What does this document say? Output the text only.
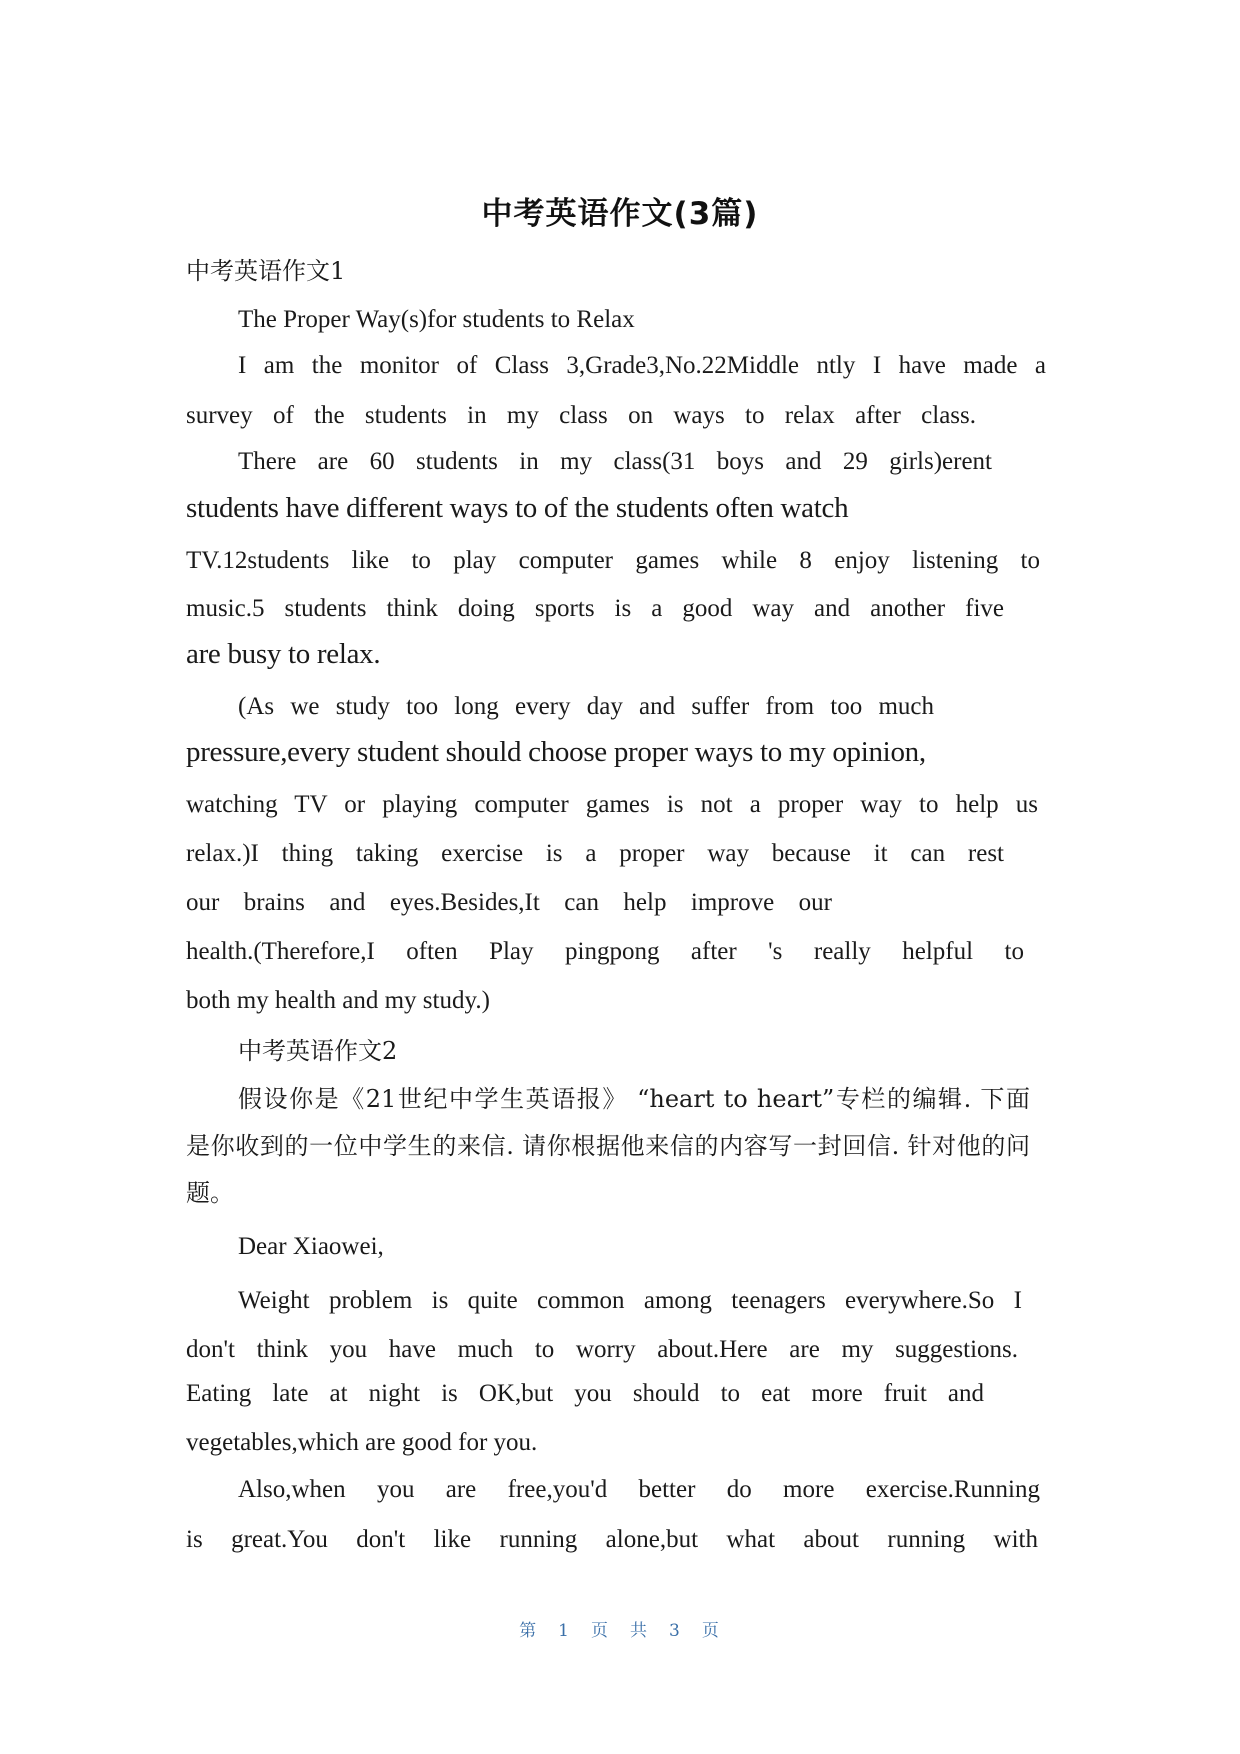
中考英语作文(3篇)
中考英语作文1
The Proper Way(s)for students to Relax
I am the monitor of Class 3,Grade3,No.22Middle ntly I have made a
survey of the students in my class on ways to relax after class.
There are 60 students in my class(31 boys and 29 girls)erent
students have different ways to of the students often watch
TV.12students like to play computer games while 8 enjoy listening to
music.5 students think doing sports is a good way and another five
are busy to relax.
(As we study too long every day and suffer from too much
pressure,every student should choose proper ways to my opinion,
watching TV or playing computer games is not a proper way to help us
relax.)I thing taking exercise is a proper way because it can rest
our brains and eyes.Besides,It can help improve our
health.(Therefore,I often Play pingpong after 's really helpful to
both my health and my study.)
中考英语作文2
假设你是《21世纪中学生英语报》 “heart to heart”专栏的编辑. 下面
是你收到的一位中学生的来信. 请你根据他来信的内容写一封回信. 针对他的问
题。
Dear Xiaowei,
Weight problem is quite common among teenagers everywhere.So I
don't think you have much to worry about.Here are my suggestions.
Eating late at night is OK,but you should to eat more fruit and
vegetables,which are good for you.
Also,when you are free,you'd better do more exercise.Running
is great.You don't like running alone,but what about running with
第 1 页 共 3 页
